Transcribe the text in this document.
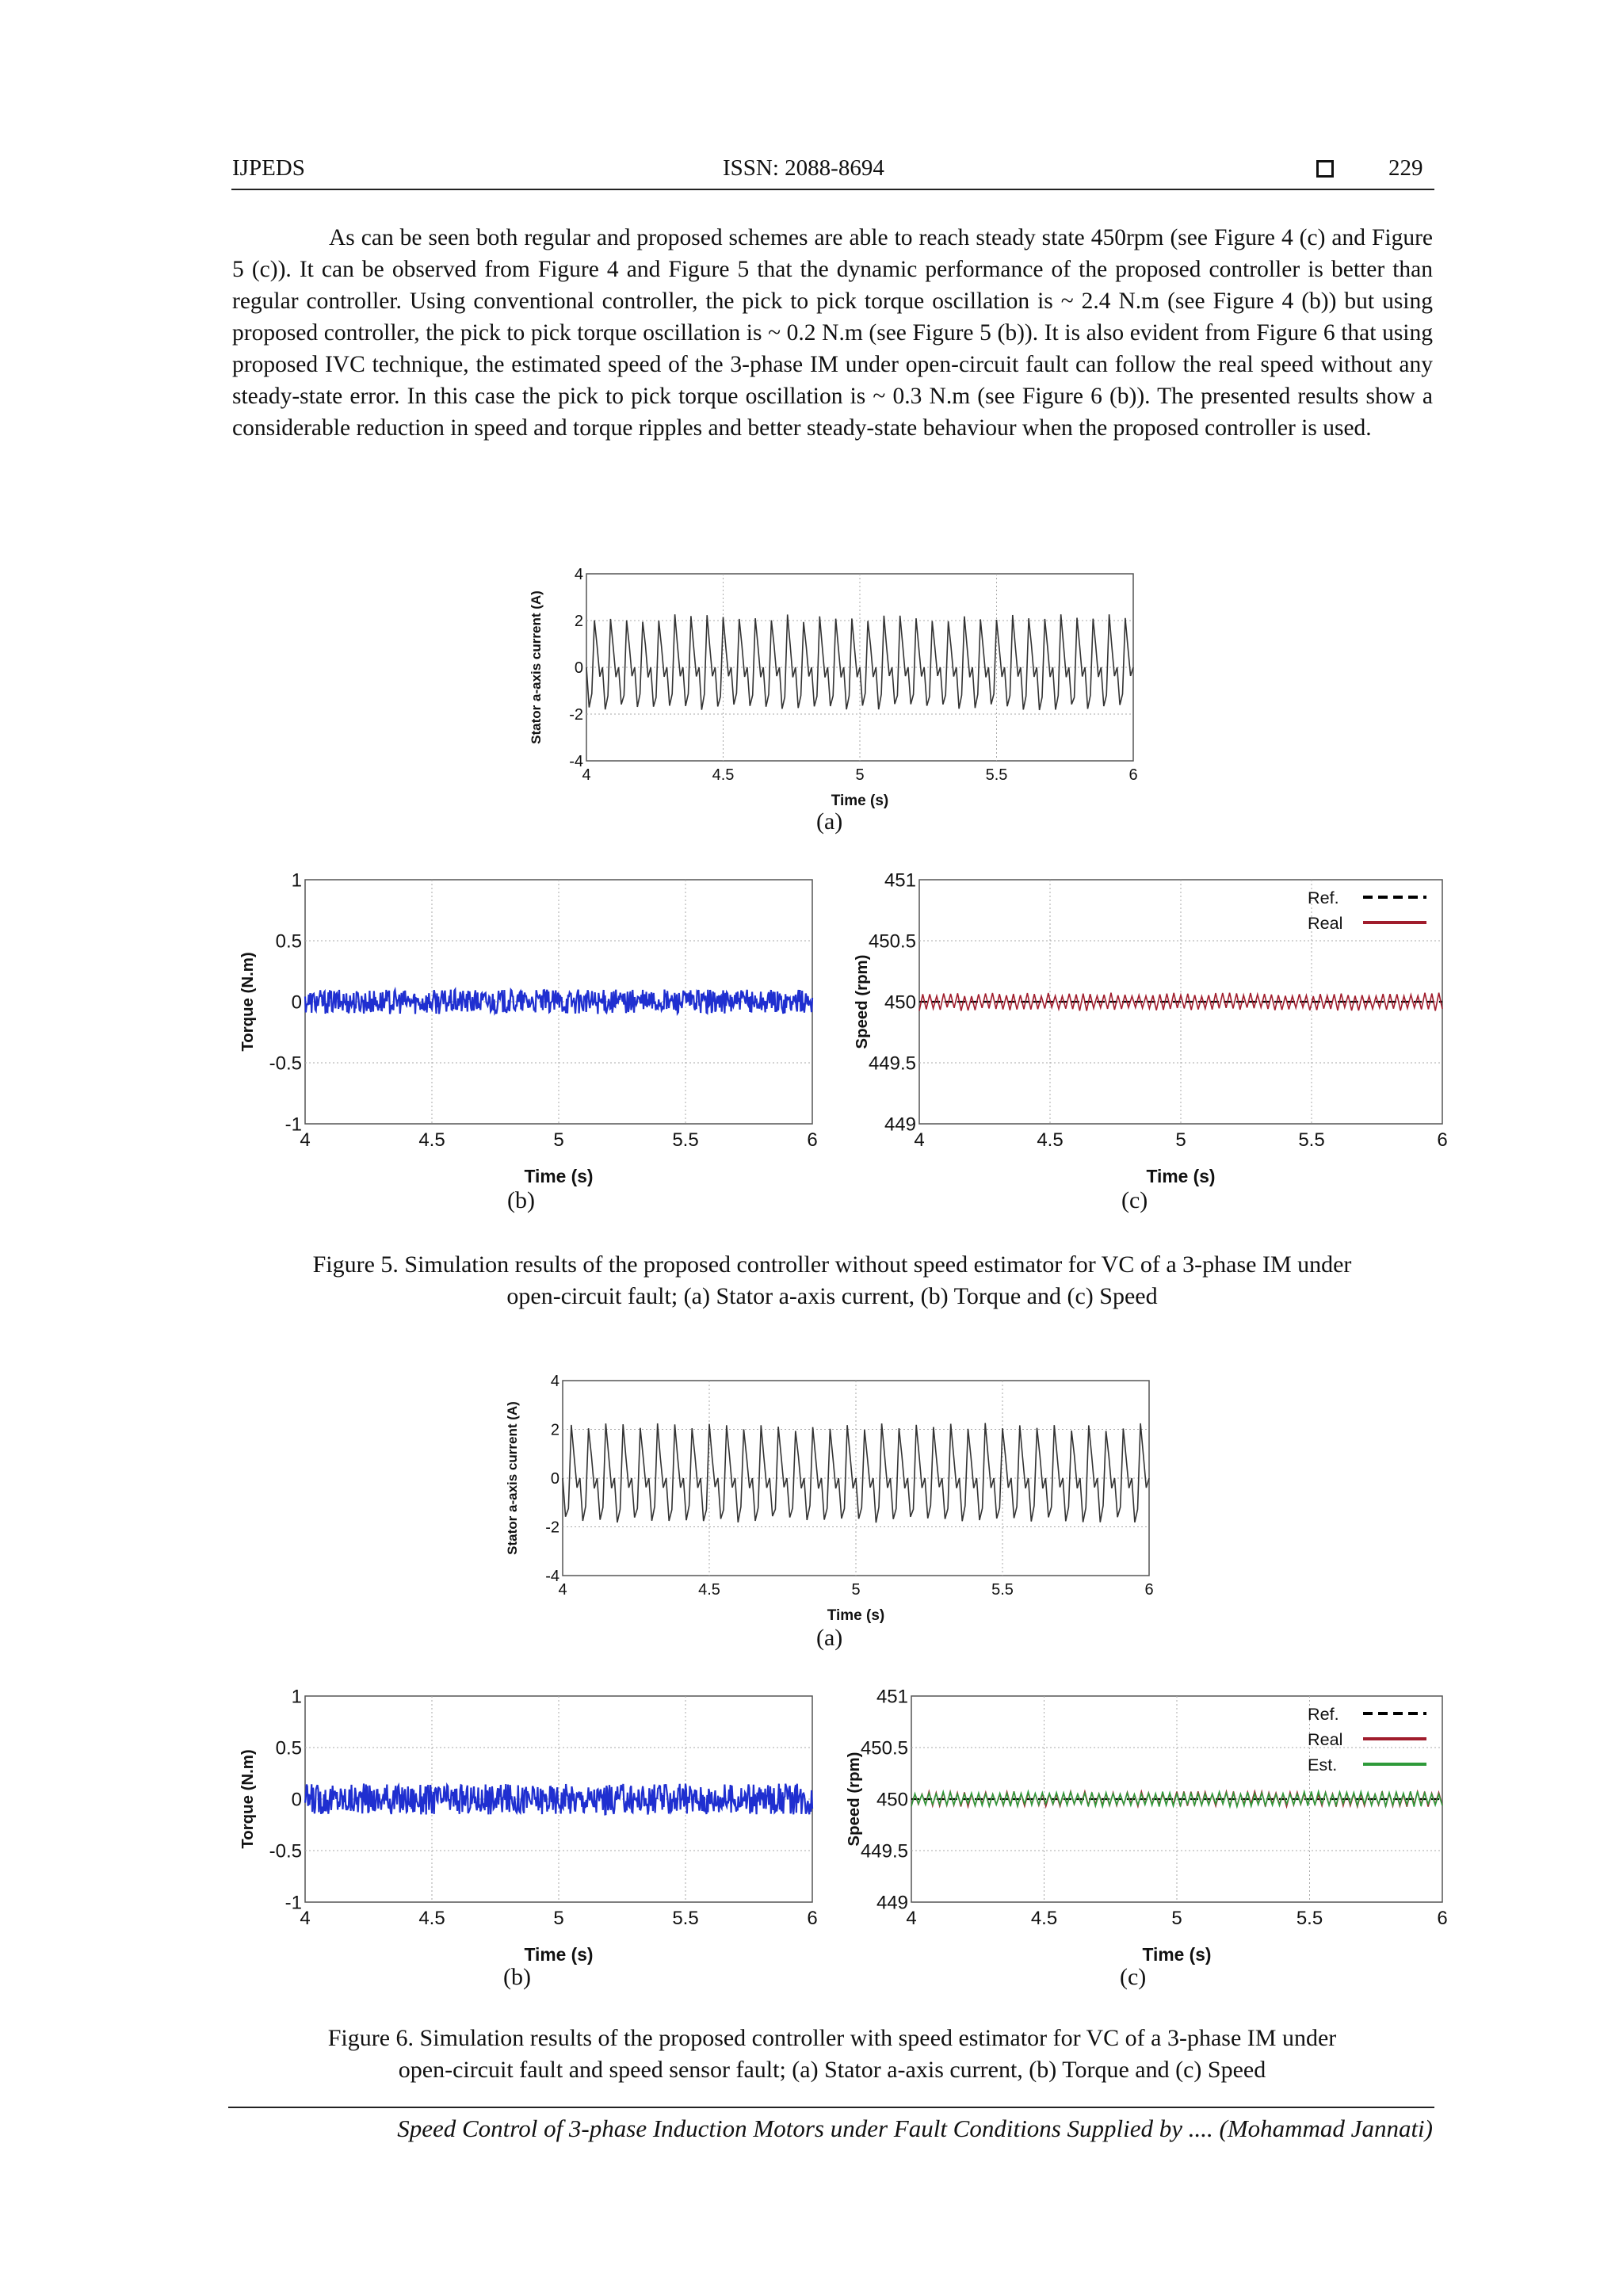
IJPEDS	ISSN: 2088-8694	229
As can be seen both regular and proposed schemes are able to reach steady state 450rpm (see Figure 4 (c) and Figure 5 (c)). It can be observed from Figure 4 and Figure 5 that the dynamic performance of the proposed controller is better than regular controller. Using conventional controller, the pick to pick torque oscillation is ~ 2.4 N.m (see Figure 4 (b)) but using proposed controller, the pick to pick torque oscillation is ~ 0.2 N.m (see Figure 5 (b)). It is also evident from Figure 6 that using proposed IVC technique, the estimated speed of the 3-phase IM under open-circuit fault can follow the real speed without any steady-state error. In this case the pick to pick torque oscillation is ~ 0.3 N.m (see Figure 6 (b)). The presented results show a considerable reduction in speed and torque ripples and better steady-state behaviour when the proposed controller is used.
4	4.5	5	5.5	6
-4
-2
0
2
4
Time (s)
Stator a-axis current (A)
(a)
4	4.5	5	5.5	6
-1
-0.5
0
0.5
1
Time (s)
Torque (N.m)
4	4.5	5	5.5	6
449
449.5
450
450.5
451
Time (s)
Speed (rpm)
Ref.
Real
(b)	(c)
Figure 5. Simulation results of the proposed controller without speed estimator for VC of a 3-phase IM under
open-circuit fault; (a) Stator a-axis current, (b) Torque and (c) Speed
4	4.5	5	5.5	6
-4
-2
0
2
4
Time (s)
Stator a-axis current (A)
(a)
4	4.5	5	5.5	6
-1
-0.5
0
0.5
1
Time (s)
Torque (N.m)
4	4.5	5	5.5	6
449
449.5
450
450.5
451
Time (s)
Speed (rpm)
Ref.
Real
Est.
(b)	(c)
Figure 6. Simulation results of the proposed controller with speed estimator for VC of a 3-phase IM under
open-circuit fault and speed sensor fault; (a) Stator a-axis current, (b) Torque and (c) Speed
Speed Control of 3-phase Induction Motors under Fault Conditions Supplied by .... (Mohammad Jannati)
